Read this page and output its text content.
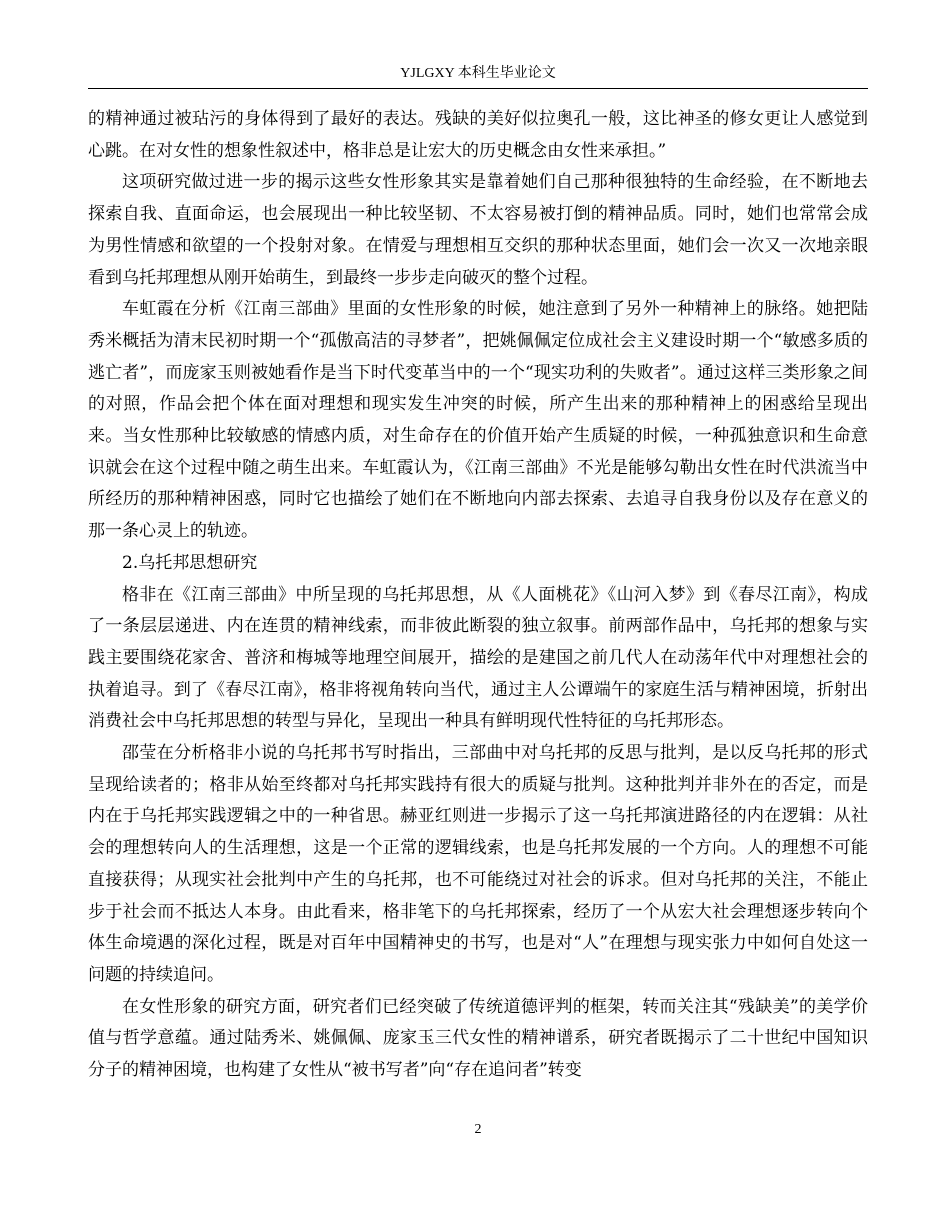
YJLGXY 本科生毕业论文

的精神通过被玷污的身体得到了最好的表达。残缺的美好似拉奥孔一般，这比神圣的修女更让人感觉到心跳。在对女性的想象性叙述中，格非总是让宏大的历史概念由女性来承担。”

这项研究做过进一步的揭示这些女性形象其实是靠着她们自己那种很独特的生命经验，在不断地去探索自我、直面命运，也会展现出一种比较坚韧、不太容易被打倒的精神品质。同时，她们也常常会成为男性情感和欲望的一个投射对象。在情爱与理想相互交织的那种状态里面，她们会一次又一次地亲眼看到乌托邦理想从刚开始萌生，到最终一步步走向破灭的整个过程。

车虹霞在分析《江南三部曲》里面的女性形象的时候，她注意到了另外一种精神上的脉络。她把陆秀米概括为清末民初时期一个“孤傲高洁的寻梦者”，把姚佩佩定位成社会主义建设时期一个“敏感多质的逃亡者”，而庞家玉则被她看作是当下时代变革当中的一个“现实功利的失败者”。通过这样三类形象之间的对照，作品会把个体在面对理想和现实发生冲突的时候，所产生出来的那种精神上的困惑给呈现出来。当女性那种比较敏感的情感内质，对生命存在的价值开始产生质疑的时候，一种孤独意识和生命意识就会在这个过程中随之萌生出来。车虹霞认为，《江南三部曲》不光是能够勾勒出女性在时代洪流当中所经历的那种精神困惑，同时它也描绘了她们在不断地向内部去探索、去追寻自我身份以及存在意义的那一条心灵上的轨迹。

2.乌托邦思想研究

格非在《江南三部曲》中所呈现的乌托邦思想，从《人面桃花》《山河入梦》到《春尽江南》，构成了一条层层递进、内在连贯的精神线索，而非彼此断裂的独立叙事。前两部作品中，乌托邦的想象与实践主要围绕花家舍、普济和梅城等地理空间展开，描绘的是建国之前几代人在动荡年代中对理想社会的执着追寻。到了《春尽江南》，格非将视角转向当代，通过主人公谭端午的家庭生活与精神困境，折射出消费社会中乌托邦思想的转型与异化，呈现出一种具有鲜明现代性特征的乌托邦形态。

邵莹在分析格非小说的乌托邦书写时指出，三部曲中对乌托邦的反思与批判，是以反乌托邦的形式呈现给读者的；格非从始至终都对乌托邦实践持有很大的质疑与批判。这种批判并非外在的否定，而是内在于乌托邦实践逻辑之中的一种省思。赫亚红则进一步揭示了这一乌托邦演进路径的内在逻辑：从社会的理想转向人的生活理想，这是一个正常的逻辑线索，也是乌托邦发展的一个方向。人的理想不可能直接获得；从现实社会批判中产生的乌托邦，也不可能绕过对社会的诉求。但对乌托邦的关注，不能止步于社会而不抵达人本身。由此看来，格非笔下的乌托邦探索，经历了一个从宏大社会理想逐步转向个体生命境遇的深化过程，既是对百年中国精神史的书写，也是对“人”在理想与现实张力中如何自处这一问题的持续追问。

在女性形象的研究方面，研究者们已经突破了传统道德评判的框架，转而关注其“残缺美”的美学价值与哲学意蕴。通过陆秀米、姚佩佩、庞家玉三代女性的精神谱系，研究者既揭示了二十世纪中国知识分子的精神困境，也构建了女性从“被书写者”向“存在追问者”转变

2
